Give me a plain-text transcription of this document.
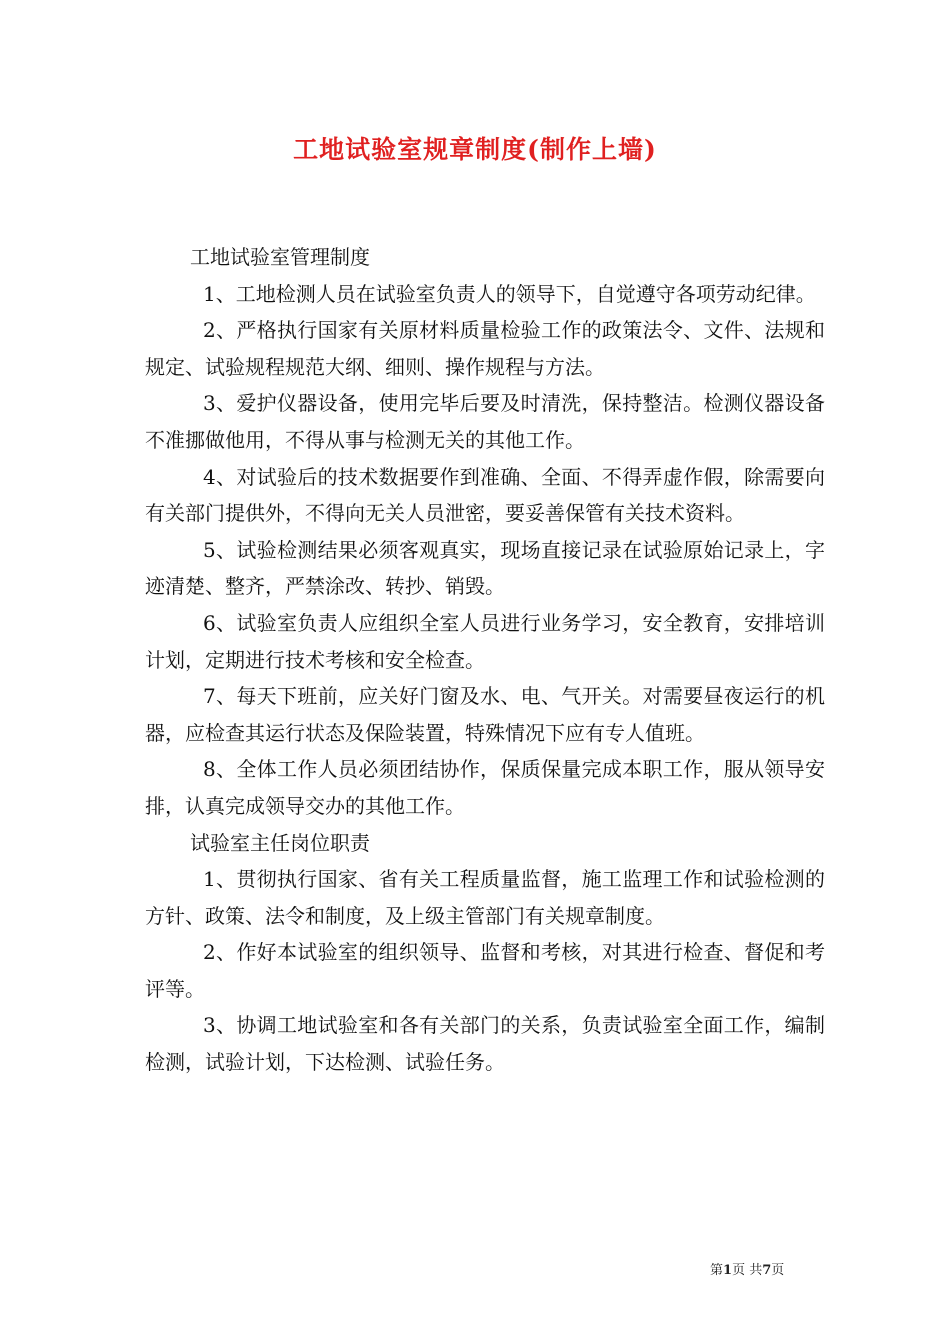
工地试验室规章制度(制作上墙)

工地试验室管理制度

1、工地检测人员在试验室负责人的领导下，自觉遵守各项劳动纪律。

2、严格执行国家有关原材料质量检验工作的政策法令、文件、法规和规定、试验规程规范大纲、细则、操作规程与方法。

3、爱护仪器设备，使用完毕后要及时清洗，保持整洁。检测仪器设备不准挪做他用，不得从事与检测无关的其他工作。

4、对试验后的技术数据要作到准确、全面、不得弄虚作假，除需要向有关部门提供外，不得向无关人员泄密，要妥善保管有关技术资料。

5、试验检测结果必须客观真实，现场直接记录在试验原始记录上，字迹清楚、整齐，严禁涂改、转抄、销毁。

6、试验室负责人应组织全室人员进行业务学习，安全教育，安排培训计划，定期进行技术考核和安全检查。

7、每天下班前，应关好门窗及水、电、气开关。对需要昼夜运行的机器，应检查其运行状态及保险装置，特殊情况下应有专人值班。

8、全体工作人员必须团结协作，保质保量完成本职工作，服从领导安排，认真完成领导交办的其他工作。

试验室主任岗位职责

1、贯彻执行国家、省有关工程质量监督，施工监理工作和试验检测的方针、政策、法令和制度，及上级主管部门有关规章制度。

2、作好本试验室的组织领导、监督和考核，对其进行检查、督促和考评等。

3、协调工地试验室和各有关部门的关系，负责试验室全面工作，编制检测，试验计划，下达检测、试验任务。

第1页 共7页
